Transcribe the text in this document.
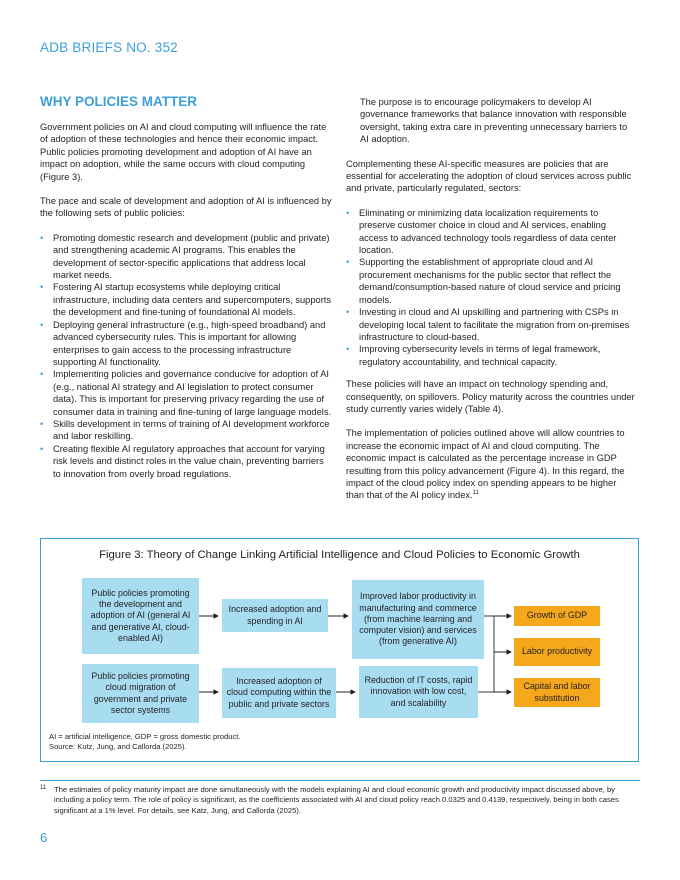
ADB BRIEFS NO. 352
WHY POLICIES MATTER

Government policies on AI and cloud computing will influence the rate of adoption of these technologies and hence their economic impact. Public policies promoting development and adoption of AI have an impact on adoption, while the same occurs with cloud computing (Figure 3).

The pace and scale of development and adoption of AI is influenced by the following sets of public policies:

• Promoting domestic research and development (public and private) and strengthening academic AI programs. This enables the development of sector-specific applications that address local market needs.
• Fostering AI startup ecosystems while deploying critical infrastructure, including data centers and supercomputers, supports the development and fine-tuning of foundational AI models.
• Deploying general infrastructure (e.g., high-speed broadband) and advanced cybersecurity rules. This is important for allowing enterprises to gain access to the processing infrastructure supporting AI functionality.
• Implementing policies and governance conducive for adoption of AI (e.g., national AI strategy and AI legislation to protect consumer data). This is important for preserving privacy regarding the use of consumer data in training and fine-tuning of large language models.
• Skills development in terms of training of AI development workforce and labor reskilling.
• Creating flexible AI regulatory approaches that account for varying risk levels and distinct roles in the value chain, preventing barriers to innovation from overly broad regulations.

The purpose is to encourage policymakers to develop AI governance frameworks that balance innovation with responsible oversight, taking extra care in preventing unnecessary barriers to AI adoption.

Complementing these AI-specific measures are policies that are essential for accelerating the adoption of cloud services across public and private, particularly regulated, sectors:

• Eliminating or minimizing data localization requirements to preserve customer choice in cloud and AI services, enabling access to advanced technology tools regardless of data center location.
• Supporting the establishment of appropriate cloud and AI procurement mechanisms for the public sector that reflect the demand/consumption-based nature of cloud service and pricing models.
• Investing in cloud and AI upskilling and partnering with CSPs in developing local talent to facilitate the migration from on-premises infrastructure to cloud-based.
• Improving cybersecurity levels in terms of legal framework, regulatory accountability, and technical capacity.

These policies will have an impact on technology spending and, consequently, on spillovers. Policy maturity across the countries under study currently varies widely (Table 4).

The implementation of policies outlined above will allow countries to increase the economic impact of AI and cloud computing. The economic impact is calculated as the percentage increase in GDP resulting from this policy advancement (Figure 4). In this regard, the impact of the cloud policy index on spending appears to be higher than that of the AI policy index.$^{11}$

Figure 3: Theory of Change Linking Artificial Intelligence and Cloud Policies to Economic Growth
Public policies promoting the development and adoption of AI (general AI and generative AI, cloud-enabled AI)
Public policies promoting cloud migration of government and private sector systems
Increased adoption and spending in AI
Increased adoption of cloud computing within the public and private sectors
Improved labor productivity in manufacturing and commerce (from machine learning and computer vision) and services (from generative AI)
Reduction of IT costs, rapid innovation with low cost, and scalability
Growth of GDP
Labor productivity
Capital and labor substitution
AI = artificial intelligence, GDP = gross domestic product.
Source: Kutz, Jung, and Callorda (2025).
11	The estimates of policy maturity impact are done simultaneously with the models explaining AI and cloud economic growth and productivity impact discussed above, by including a policy term. The role of policy is significant, as the coefficients associated with AI and cloud policy reach 0.0325 and 0.4139, respectively, being in both cases significant at a 1% level. For details, see Katz, Jung, and Callorda (2025).
6
